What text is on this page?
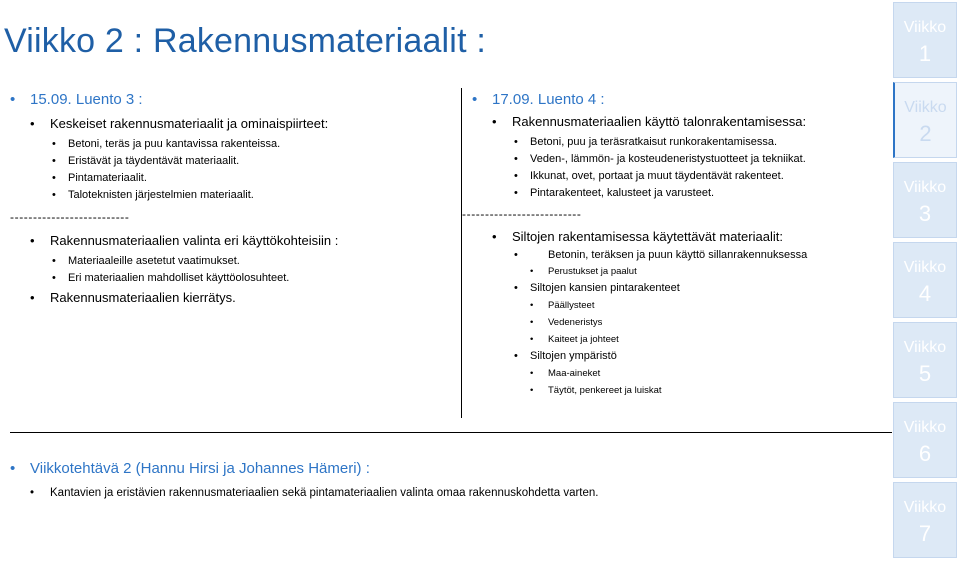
Viikko 2 : Rakennusmateriaalit :
• 15.09. Luento 3 :
• Keskeiset rakennusmateriaalit ja ominaispiirteet:
• Betoni, teräs ja puu kantavissa rakenteissa.
• Eristävät ja täydentävät materiaalit.
• Pintamateriaalit.
• Taloteknisten järjestelmien materiaalit.
--------------------------
• Rakennusmateriaalien valinta eri käyttökohteisiin :
• Materiaaleille asetetut vaatimukset.
• Eri materiaalien mahdolliset käyttöolosuhteet.
• Rakennusmateriaalien kierrätys.
• 17.09. Luento 4 :
• Rakennusmateriaalien käyttö talonrakentamisessa:
• Betoni, puu ja teräsratkaisut runkorakentamisessa.
• Veden-, lämmön- ja kosteudeneristystuotteet ja tekniikat.
• Ikkunat, ovet, portaat ja muut täydentävät rakenteet.
• Pintarakenteet, kalusteet ja varusteet.
--------------------------
• Siltojen rakentamisessa käytettävät materiaalit:
• Betonin, teräksen ja puun käyttö sillanrakennuksessa
• Perustukset ja paalut
• Siltojen kansien pintarakenteet
• Päällysteet
• Vedeneristys
• Kaiteet ja johteet
• Siltojen ympäristö
• Maa-aineket
• Täytöt, penkereet ja luiskat
• Viikkotehtävä 2 (Hannu Hirsi ja Johannes Hämeri) :
• Kantavien ja eristävien rakennusmateriaalien sekä pintamateriaalien valinta omaa rakennuskohdetta varten.
Viikko
1
Viikko
2
Viikko
3
Viikko
4
Viikko
5
Viikko
6
Viikko
7
